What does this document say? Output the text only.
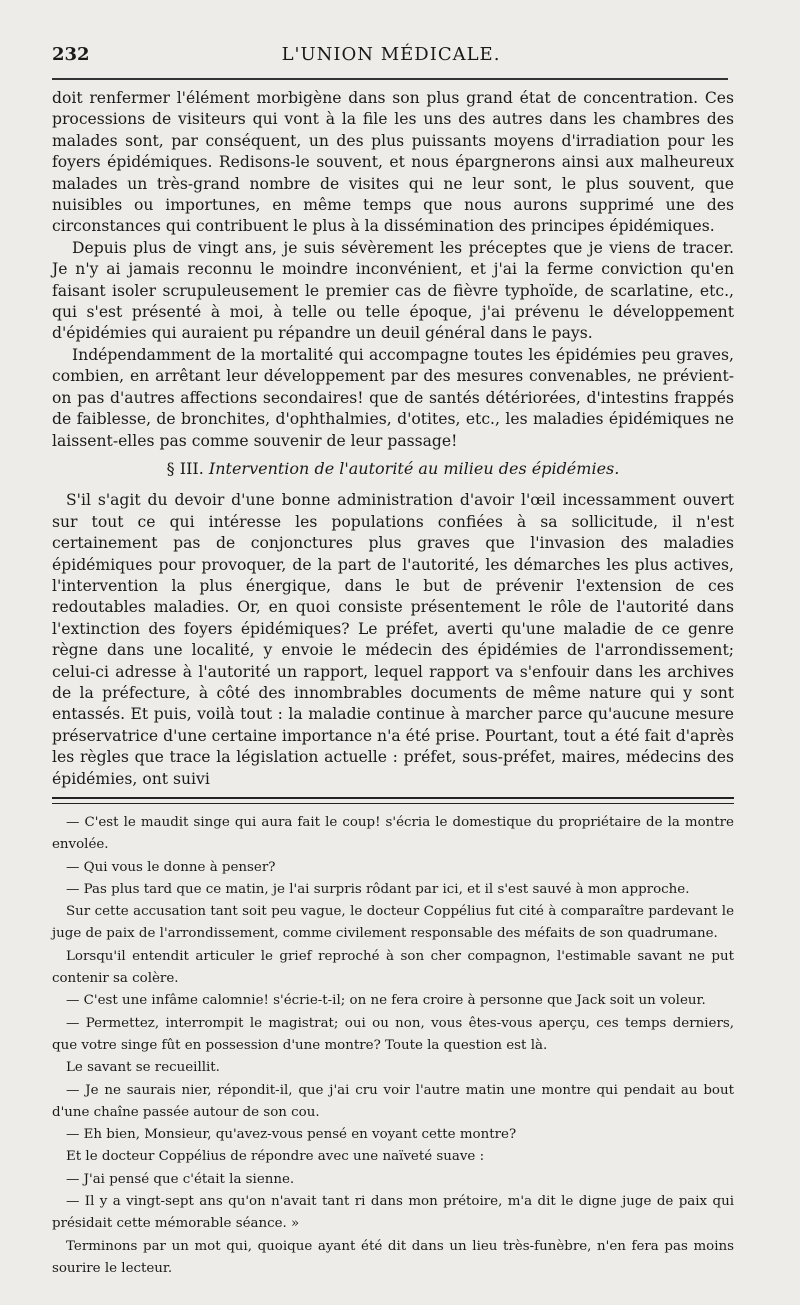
232	L'UNION MÉDICALE.

doit renfermer l'élément morbigène dans son plus grand état de concentration. Ces processions de visiteurs qui vont à la file les uns des autres dans les chambres des malades sont, par conséquent, un des plus puissants moyens d'irradiation pour les foyers épidémiques. Redisons-le souvent, et nous épargnerons ainsi aux malheureux malades un très-grand nombre de visites qui ne leur sont, le plus souvent, que nuisibles ou importunes, en même temps que nous aurons supprimé une des circonstances qui contribuent le plus à la dissémination des principes épidémiques.

Depuis plus de vingt ans, je suis sévèrement les préceptes que je viens de tracer. Je n'y ai jamais reconnu le moindre inconvénient, et j'ai la ferme conviction qu'en faisant isoler scrupuleusement le premier cas de fièvre typhoïde, de scarlatine, etc., qui s'est présenté à moi, à telle ou telle époque, j'ai prévenu le développement d'épidémies qui auraient pu répandre un deuil général dans le pays.

Indépendamment de la mortalité qui accompagne toutes les épidémies peu graves, combien, en arrêtant leur développement par des mesures convenables, ne prévient-on pas d'autres affections secondaires! que de santés détériorées, d'intestins frappés de faiblesse, de bronchites, d'ophthalmies, d'otites, etc., les maladies épidémiques ne laissent-elles pas comme souvenir de leur passage!

§ III. Intervention de l'autorité au milieu des épidémies.

S'il s'agit du devoir d'une bonne administration d'avoir l'œil incessamment ouvert sur tout ce qui intéresse les populations confiées à sa sollicitude, il n'est certainement pas de conjonctures plus graves que l'invasion des maladies épidémiques pour provoquer, de la part de l'autorité, les démarches les plus actives, l'intervention la plus énergique, dans le but de prévenir l'extension de ces redoutables maladies. Or, en quoi consiste présentement le rôle de l'autorité dans l'extinction des foyers épidémiques? Le préfet, averti qu'une maladie de ce genre règne dans une localité, y envoie le médecin des épidémies de l'arrondissement; celui-ci adresse à l'autorité un rapport, lequel rapport va s'enfouir dans les archives de la préfecture, à côté des innombrables documents de même nature qui y sont entassés. Et puis, voilà tout : la maladie continue à marcher parce qu'aucune mesure préservatrice d'une certaine importance n'a été prise. Pourtant, tout a été fait d'après les règles que trace la législation actuelle : préfet, sous-préfet, maires, médecins des épidémies, ont suivi

— C'est le maudit singe qui aura fait le coup! s'écria le domestique du propriétaire de la montre envolée.

— Qui vous le donne à penser?

— Pas plus tard que ce matin, je l'ai surpris rôdant par ici, et il s'est sauvé à mon approche.

Sur cette accusation tant soit peu vague, le docteur Coppélius fut cité à comparaître pardevant le juge de paix de l'arrondissement, comme civilement responsable des méfaits de son quadrumane.

Lorsqu'il entendit articuler le grief reproché à son cher compagnon, l'estimable savant ne put contenir sa colère.

— C'est une infâme calomnie! s'écrie-t-il; on ne fera croire à personne que Jack soit un voleur.

— Permettez, interrompit le magistrat; oui ou non, vous êtes-vous aperçu, ces temps derniers, que votre singe fût en possession d'une montre? Toute la question est là.

Le savant se recueillit.

— Je ne saurais nier, répondit-il, que j'ai cru voir l'autre matin une montre qui pendait au bout d'une chaîne passée autour de son cou.

— Eh bien, Monsieur, qu'avez-vous pensé en voyant cette montre?

Et le docteur Coppélius de répondre avec une naïveté suave :

— J'ai pensé que c'était la sienne.

— Il y a vingt-sept ans qu'on n'avait tant ri dans mon prétoire, m'a dit le digne juge de paix qui présidait cette mémorable séance. »

Terminons par un mot qui, quoique ayant été dit dans un lieu très-funèbre, n'en fera pas moins sourire le lecteur.
